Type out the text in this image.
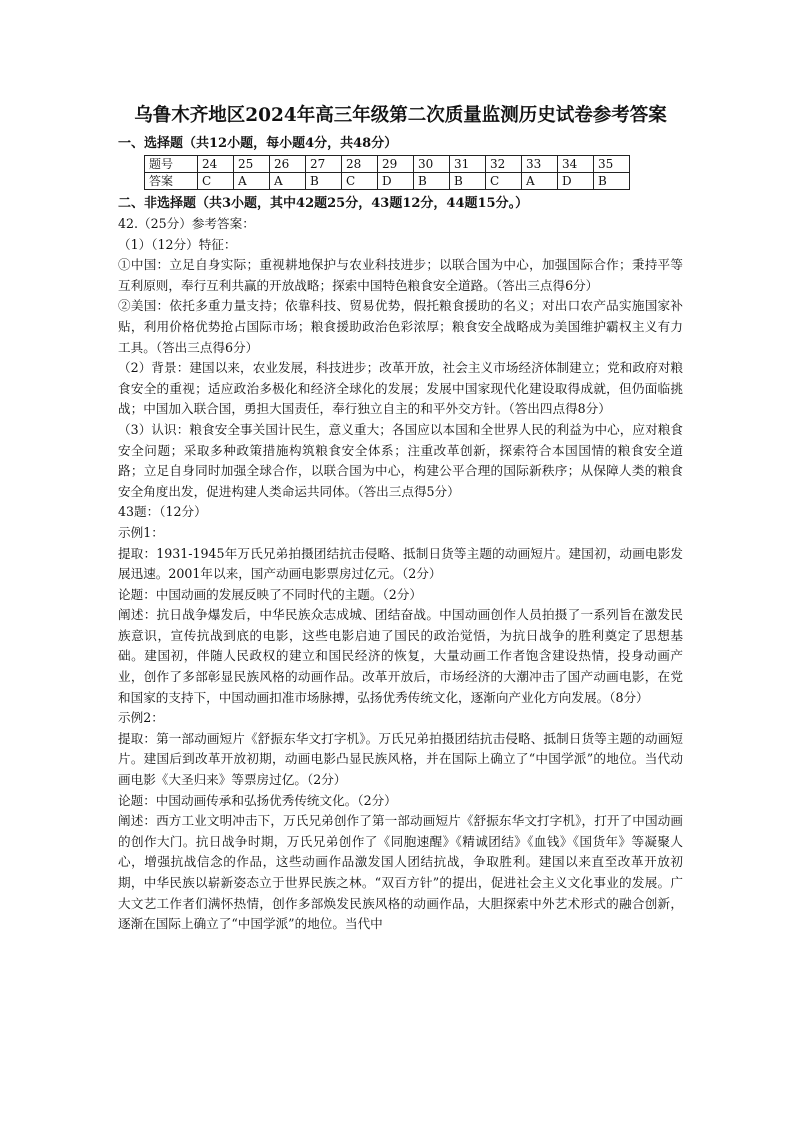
乌鲁木齐地区2024年高三年级第二次质量监测历史试卷参考答案
一、选择题（共12小题，每小题4分，共48分）
题号	24	25	26	27	28	29	30	31	32	33	34	35
答案	C	A	A	B	C	D	B	B	C	A	D	B
二、非选择题（共3小题，其中42题25分，43题12分，44题15分。）
42.（25分）参考答案：
（1）（12分）特征：
①中国：立足自身实际；重视耕地保护与农业科技进步；以联合国为中心，加强国际合作；秉持平等互利原则，奉行互利共赢的开放战略；探索中国特色粮食安全道路。（答出三点得6分）
②美国：依托多重力量支持；依靠科技、贸易优势，假托粮食援助的名义；对出口农产品实施国家补贴，利用价格优势抢占国际市场；粮食援助政治色彩浓厚；粮食安全战略成为美国维护霸权主义有力工具。（答出三点得6分）
（2）背景：建国以来，农业发展，科技进步；改革开放，社会主义市场经济体制建立；党和政府对粮食安全的重视；适应政治多极化和经济全球化的发展；发展中国家现代化建设取得成就，但仍面临挑战；中国加入联合国，勇担大国责任，奉行独立自主的和平外交方针。（答出四点得8分）
（3）认识：粮食安全事关国计民生，意义重大；各国应以本国和全世界人民的利益为中心，应对粮食安全问题；采取多种政策措施构筑粮食安全体系；注重改革创新，探索符合本国国情的粮食安全道路；立足自身同时加强全球合作，以联合国为中心，构建公平合理的国际新秩序；从保障人类的粮食安全角度出发，促进构建人类命运共同体。（答出三点得5分）
43题：（12分）
示例1：
提取：1931-1945年万氏兄弟拍摄团结抗击侵略、抵制日货等主题的动画短片。建国初，动画电影发展迅速。2001年以来，国产动画电影票房过亿元。（2分）
论题：中国动画的发展反映了不同时代的主题。（2分）
阐述：抗日战争爆发后，中华民族众志成城、团结奋战。中国动画创作人员拍摄了一系列旨在激发民族意识，宣传抗战到底的电影，这些电影启迪了国民的政治觉悟，为抗日战争的胜利奠定了思想基础。建国初，伴随人民政权的建立和国民经济的恢复，大量动画工作者饱含建设热情，投身动画产业，创作了多部彰显民族风格的动画作品。改革开放后，市场经济的大潮冲击了国产动画电影，在党和国家的支持下，中国动画扣准市场脉搏，弘扬优秀传统文化，逐渐向产业化方向发展。（8分）
示例2：
提取：第一部动画短片《舒振东华文打字机》。万氏兄弟拍摄团结抗击侵略、抵制日货等主题的动画短片。建国后到改革开放初期，动画电影凸显民族风格，并在国际上确立了“中国学派”的地位。当代动画电影《大圣归来》等票房过亿。（2分）
论题：中国动画传承和弘扬优秀传统文化。（2分）
阐述：西方工业文明冲击下，万氏兄弟创作了第一部动画短片《舒振东华文打字机》，打开了中国动画的创作大门。抗日战争时期，万氏兄弟创作了《同胞速醒》《精诚团结》《血钱》《国货年》等凝聚人心，增强抗战信念的作品，这些动画作品激发国人团结抗战，争取胜利。建国以来直至改革开放初期，中华民族以崭新姿态立于世界民族之林。“双百方针”的提出，促进社会主义文化事业的发展。广大文艺工作者们满怀热情，创作多部焕发民族风格的动画作品，大胆探索中外艺术形式的融合创新，逐渐在国际上确立了“中国学派”的地位。当代中
